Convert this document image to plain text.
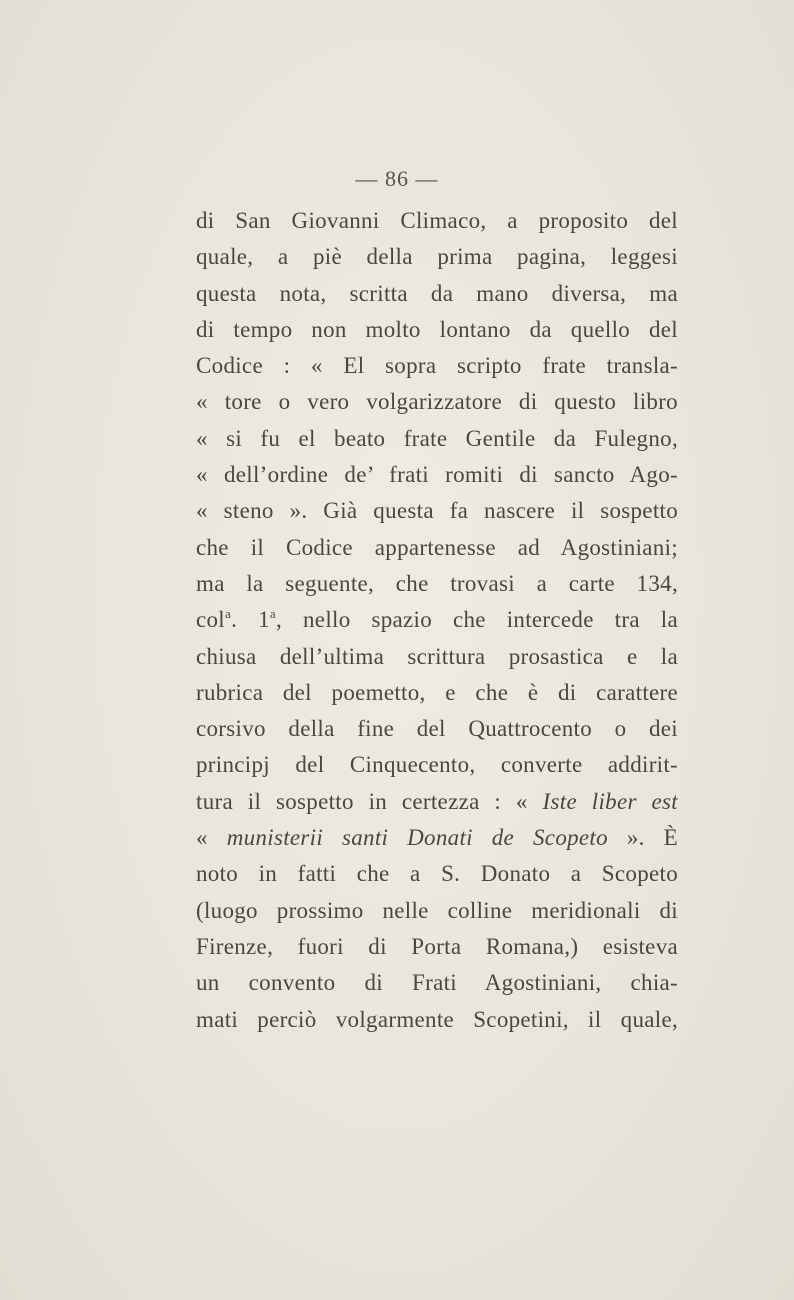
— 86 —
di San Giovanni Climaco, a proposito del
quale, a piè della prima pagina, leggesi
questa nota, scritta da mano diversa, ma
di tempo non molto lontano da quello del
Codice : « El sopra scripto frate transla-
« tore o vero volgarizzatore di questo libro
« si fu el beato frate Gentile da Fulegno,
« dell’ordine de’ frati romiti di sancto Ago-
« steno ». Già questa fa nascere il sospetto
che il Codice appartenesse ad Agostiniani;
ma la seguente, che trovasi a carte 134,
col$^a$. 1$^a$, nello spazio che intercede tra la
chiusa dell’ultima scrittura prosastica e la
rubrica del poemetto, e che è di carattere
corsivo della fine del Quattrocento o dei
principj del Cinquecento, converte addirit-
tura il sospetto in certezza : « Iste liber est
« munisterii santi Donati de Scopeto ». È
noto in fatti che a S. Donato a Scopeto
(luogo prossimo nelle colline meridionali di
Firenze, fuori di Porta Romana,) esisteva
un convento di Frati Agostiniani, chia-
mati perciò volgarmente Scopetini, il quale,
